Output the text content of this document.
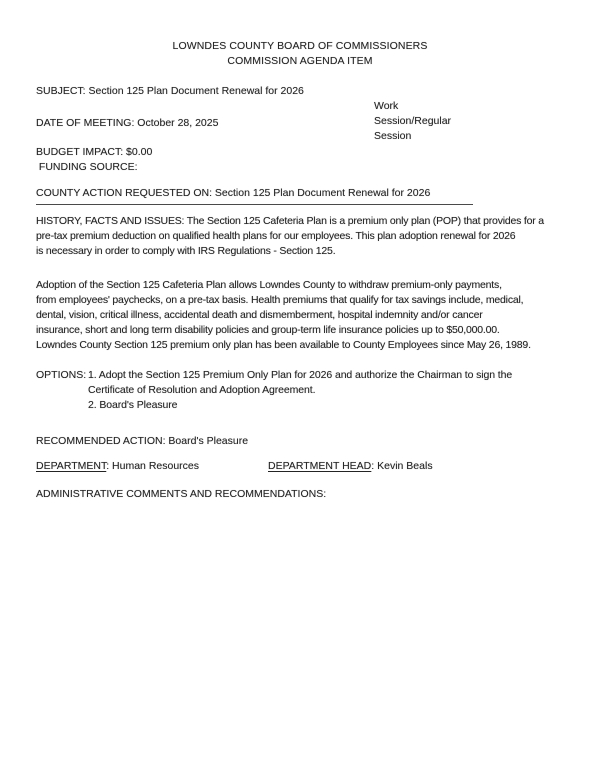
LOWNDES COUNTY BOARD OF COMMISSIONERS
COMMISSION AGENDA ITEM
SUBJECT: Section 125 Plan Document Renewal for 2026
Work
Session/Regular
Session
DATE OF MEETING: October 28, 2025
BUDGET IMPACT: $0.00
FUNDING SOURCE:
COUNTY ACTION REQUESTED ON: Section 125 Plan Document Renewal for 2026
HISTORY, FACTS AND ISSUES: The Section 125 Cafeteria Plan is a premium only plan (POP) that provides for a
pre-tax premium deduction on qualified health plans for our employees. This plan adoption renewal for 2026
is necessary in order to comply with IRS Regulations - Section 125.
Adoption of the Section 125 Cafeteria Plan allows Lowndes County to withdraw premium-only payments,
from employees' paychecks, on a pre-tax basis. Health premiums that qualify for tax savings include, medical,
dental, vision, critical illness, accidental death and dismemberment, hospital indemnity and/or cancer
insurance, short and long term disability policies and group-term life insurance policies up to $50,000.00.
Lowndes County Section 125 premium only plan has been available to County Employees since May 26, 1989.
OPTIONS: 1. Adopt the Section 125 Premium Only Plan for 2026 and authorize the Chairman to sign the
Certificate of Resolution and Adoption Agreement.
2. Board's Pleasure
RECOMMENDED ACTION: Board's Pleasure
DEPARTMENT: Human Resources	DEPARTMENT HEAD: Kevin Beals
ADMINISTRATIVE COMMENTS AND RECOMMENDATIONS:
